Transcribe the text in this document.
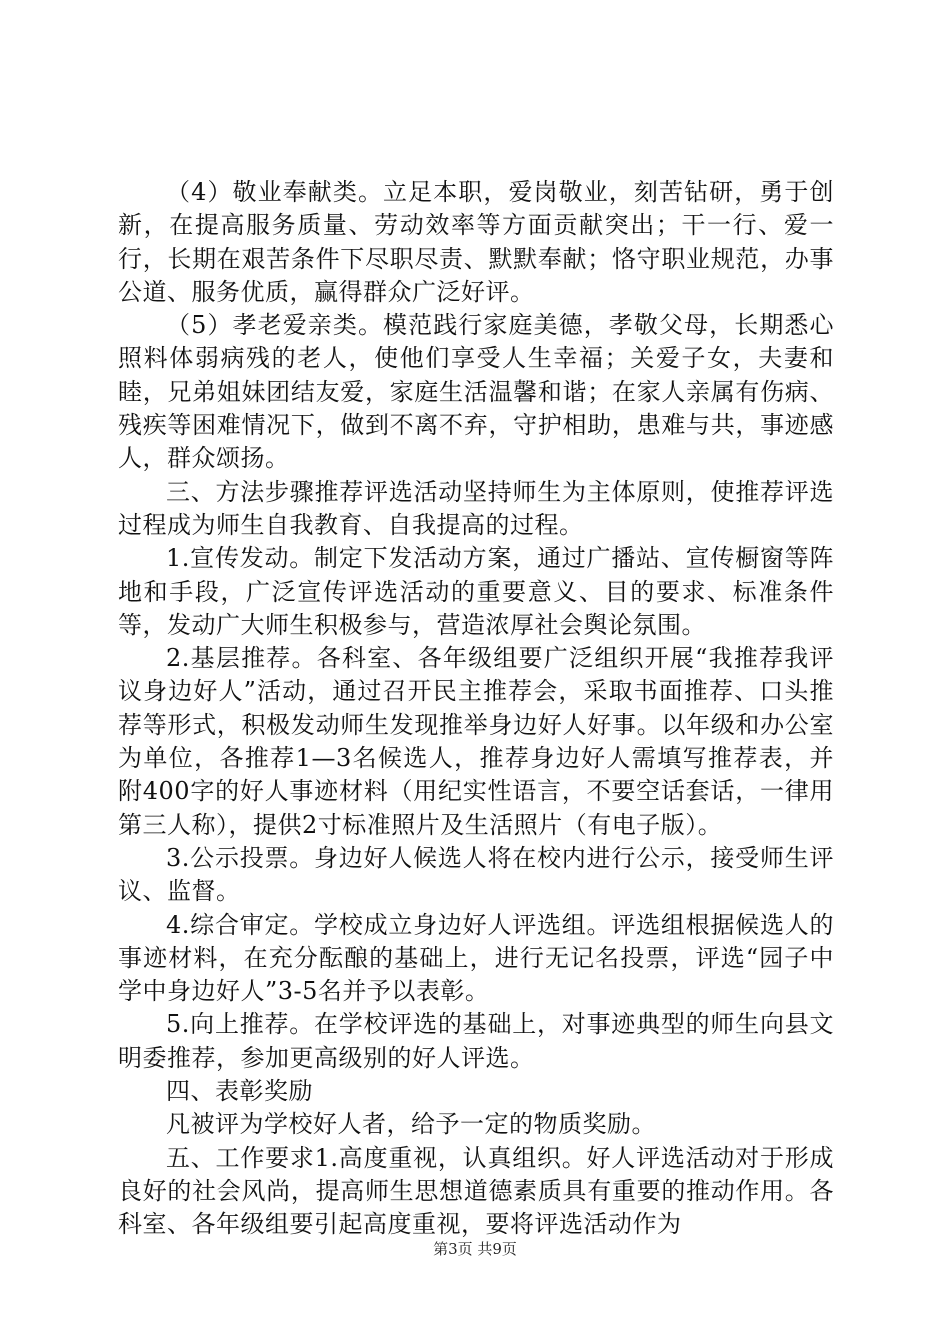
（4）敬业奉献类。立足本职，爱岗敬业，刻苦钻研，勇于创新，在提高服务质量、劳动效率等方面贡献突出；干一行、爱一行，长期在艰苦条件下尽职尽责、默默奉献；恪守职业规范，办事公道、服务优质，赢得群众广泛好评。

（5）孝老爱亲类。模范践行家庭美德，孝敬父母，长期悉心照料体弱病残的老人，使他们享受人生幸福；关爱子女，夫妻和睦，兄弟姐妹团结友爱，家庭生活温馨和谐；在家人亲属有伤病、残疾等困难情况下，做到不离不弃，守护相助，患难与共，事迹感人，群众颂扬。

三、方法步骤推荐评选活动坚持师生为主体原则，使推荐评选过程成为师生自我教育、自我提高的过程。

1.宣传发动。制定下发活动方案，通过广播站、宣传橱窗等阵地和手段，广泛宣传评选活动的重要意义、目的要求、标准条件等，发动广大师生积极参与，营造浓厚社会舆论氛围。

2.基层推荐。各科室、各年级组要广泛组织开展“我推荐我评议身边好人”活动，通过召开民主推荐会，采取书面推荐、口头推荐等形式，积极发动师生发现推举身边好人好事。以年级和办公室为单位，各推荐1—3名候选人，推荐身边好人需填写推荐表，并附400字的好人事迹材料（用纪实性语言，不要空话套话，一律用第三人称），提供2寸标准照片及生活照片（有电子版）。

3.公示投票。身边好人候选人将在校内进行公示，接受师生评议、监督。

4.综合审定。学校成立身边好人评选组。评选组根据候选人的事迹材料，在充分酝酿的基础上，进行无记名投票，评选“园子中学中身边好人”3-5名并予以表彰。

5.向上推荐。在学校评选的基础上，对事迹典型的师生向县文明委推荐，参加更高级别的好人评选。

四、表彰奖励

凡被评为学校好人者，给予一定的物质奖励。

五、工作要求1.高度重视，认真组织。好人评选活动对于形成良好的社会风尚，提高师生思想道德素质具有重要的推动作用。各科室、各年级组要引起高度重视，要将评选活动作为

第3页 共9页
